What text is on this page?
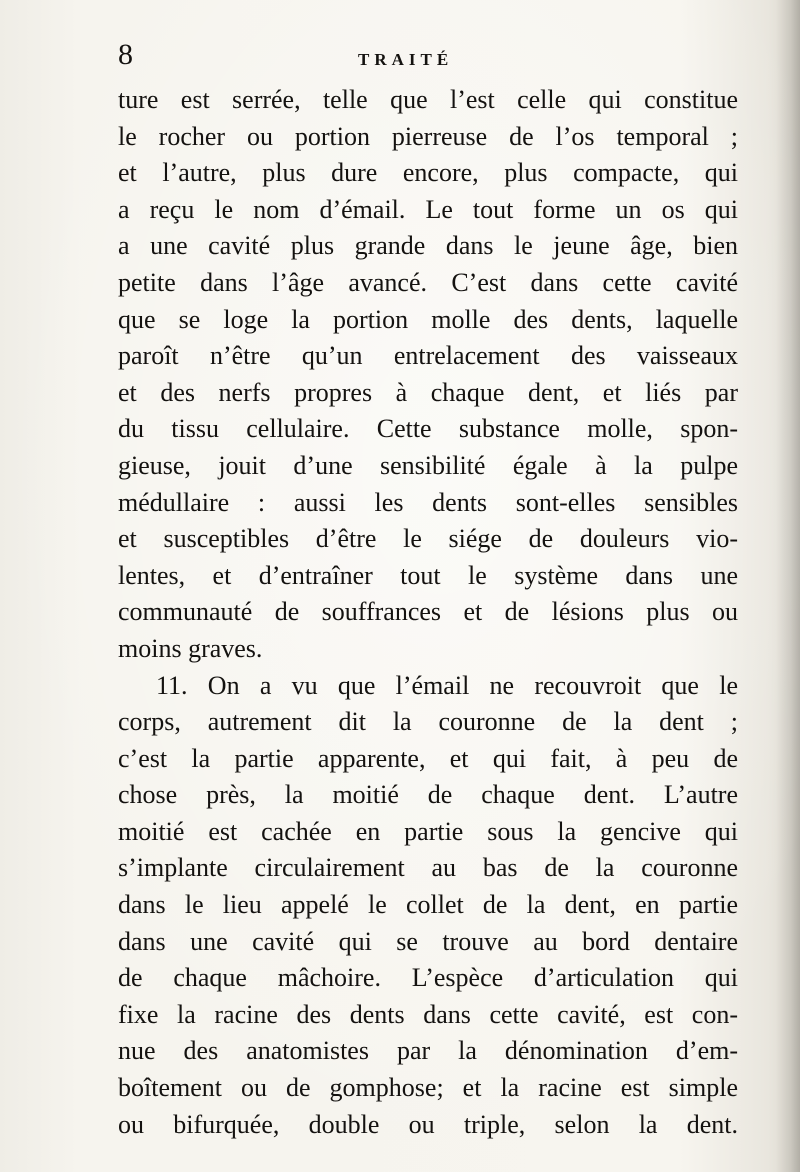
8	TRAITÉ
ture est serrée, telle que l’est celle qui constitue
le rocher ou portion pierreuse de l’os temporal ;
et l’autre, plus dure encore, plus compacte, qui
a reçu le nom d’émail. Le tout forme un os qui
a une cavité plus grande dans le jeune âge, bien
petite dans l’âge avancé. C’est dans cette cavité
que se loge la portion molle des dents, laquelle
paroît n’être qu’un entrelacement des vaisseaux
et des nerfs propres à chaque dent, et liés par
du tissu cellulaire. Cette substance molle, spon-
gieuse, jouit d’une sensibilité égale à la pulpe
médullaire : aussi les dents sont-elles sensibles
et susceptibles d’être le siége de douleurs vio-
lentes, et d’entraîner tout le système dans une
communauté de souffrances et de lésions plus ou
moins graves.
11. On a vu que l’émail ne recouvroit que le
corps, autrement dit la couronne de la dent ;
c’est la partie apparente, et qui fait, à peu de
chose près, la moitié de chaque dent. L’autre
moitié est cachée en partie sous la gencive qui
s’implante circulairement au bas de la couronne
dans le lieu appelé le collet de la dent, en partie
dans une cavité qui se trouve au bord dentaire
de chaque mâchoire. L’espèce d’articulation qui
fixe la racine des dents dans cette cavité, est con-
nue des anatomistes par la dénomination d’em-
boîtement ou de gomphose; et la racine est simple
ou bifurquée, double ou triple, selon la dent.
